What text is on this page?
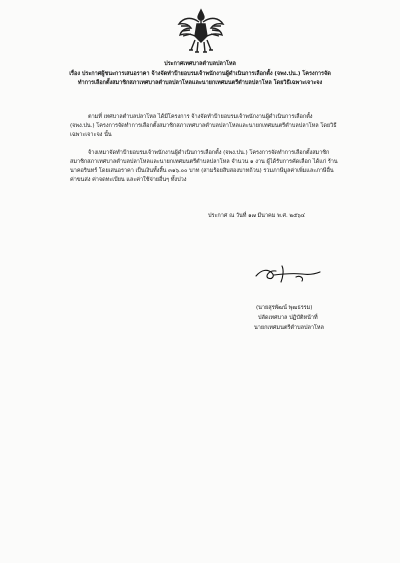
ประกาศเทศบาลตำบลปลาโหล
เรื่อง ประกาศผู้ชนะการเสนอราคา จ้างจัดทำป้ายอบรมเจ้าพนักงานผู้ดำเนินการเลือกตั้ง (จพง.ปน.) โครงการจัด
ทำการเลือกตั้งสมาชิกสภาเทศบาลตำบลปลาโหลและนายกเทศมนตรีตำบลปลาโหล โดยวิธีเฉพาะเจาะจง
ตามที่ เทศบาลตำบลปลาโหล ได้มีโครงการ จ้างจัดทำป้ายอบรมเจ้าพนักงานผู้ดำเนินการเลือกตั้ง
(จพง.ปน.) โครงการจัดทำการเลือกตั้งสมาชิกสภาเทศบาลตำบลปลาโหลและนายกเทศมนตรีตำบลปลาโหล โดยวิธี
เฉพาะเจาะจง นั้น
จ้างเหมาจัดทำป้ายอบรมเจ้าพนักงานผู้ดำเนินการเลือกตั้ง (จพง.ปน.) โครงการจัดทำการเลือกตั้งสมาชิก
สมาชิกสภาเทศบาลตำบลปลาโหลและนายกเทศมนตรีตำบลปลาโหล จำนวน ๑ งาน ผู้ได้รับการคัดเลือก ได้แก่ ร้าน
นาคอรินทร์ โดยเสนอราคา เป็นเงินทั้งสิ้น ๓๑๖.๐๐ บาท (สามร้อยสิบสองบาทถ้วน) รวมภาษีมูลค่าเพิ่มและภาษีอื่น
ค่าขนส่ง ค่าจดทะเบียน และค่าใช้จ่ายอื่นๆ ทั้งปวง
ประกาศ ณ วันที่ ๑๗ มีนาคม พ.ศ. ๒๕๖๔
(นายสุรพัฒน์ พุฒธรรม)
ปลัดเทศบาล ปฏิบัติหน้าที่
นายกเทศมนตรีตำบลปลาโหล
